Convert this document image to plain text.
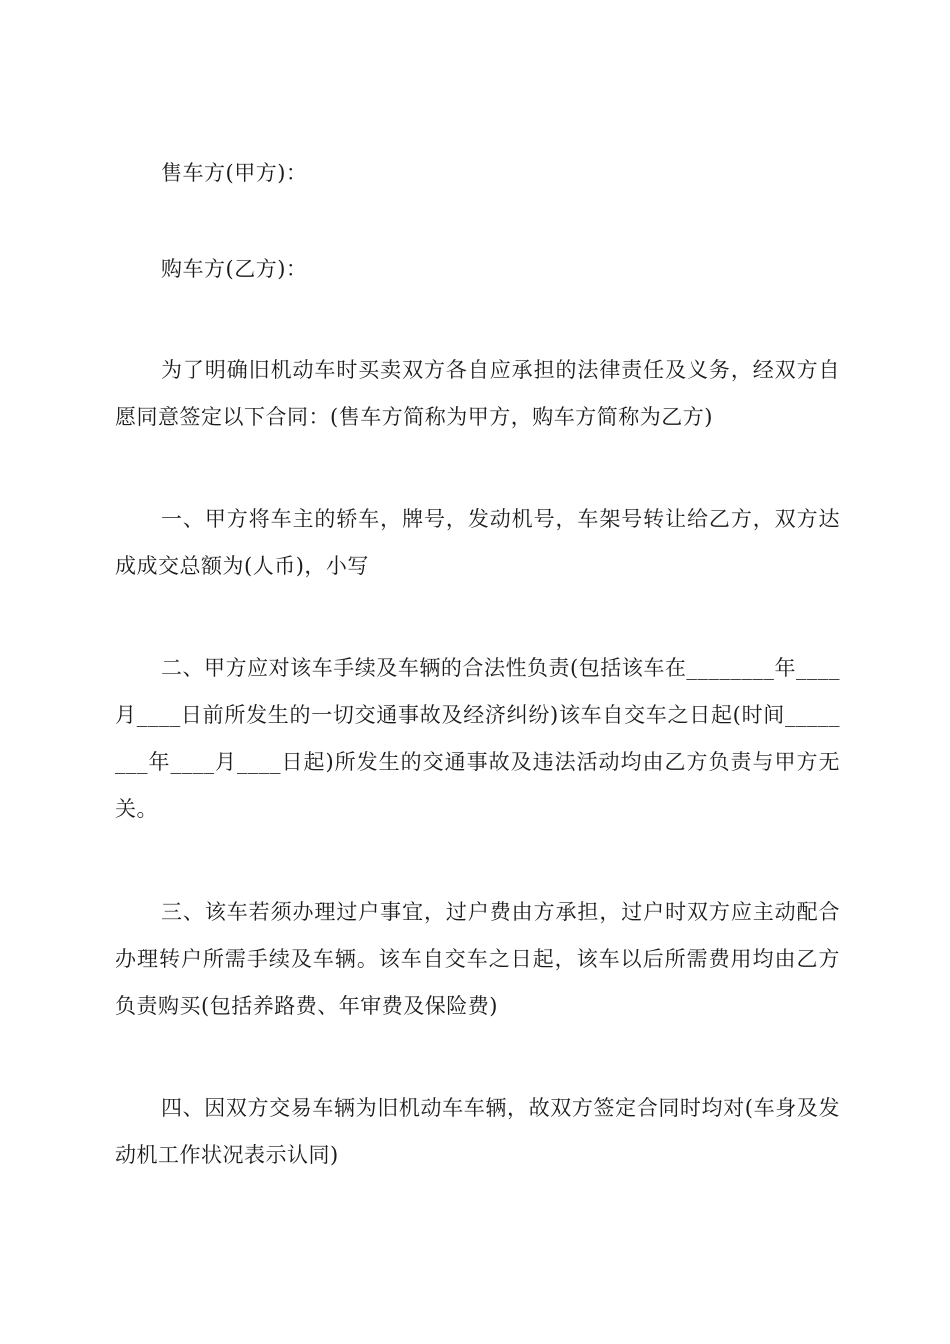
售车方(甲方)：

购车方(乙方)：

为了明确旧机动车时买卖双方各自应承担的法律责任及义务，经双方自愿同意签定以下合同：(售车方简称为甲方，购车方简称为乙方)

一、甲方将车主的轿车，牌号，发动机号，车架号转让给乙方，双方达成成交总额为(人币)，小写

二、甲方应对该车手续及车辆的合法性负责(包括该车在________年____月____日前所发生的一切交通事故及经济纠纷)该车自交车之日起(时间________年____月____日起)所发生的交通事故及违法活动均由乙方负责与甲方无关。

三、该车若须办理过户事宜，过户费由方承担，过户时双方应主动配合办理转户所需手续及车辆。该车自交车之日起，该车以后所需费用均由乙方负责购买(包括养路费、年审费及保险费)

四、因双方交易车辆为旧机动车车辆，故双方签定合同时均对(车身及发动机工作状况表示认同)
